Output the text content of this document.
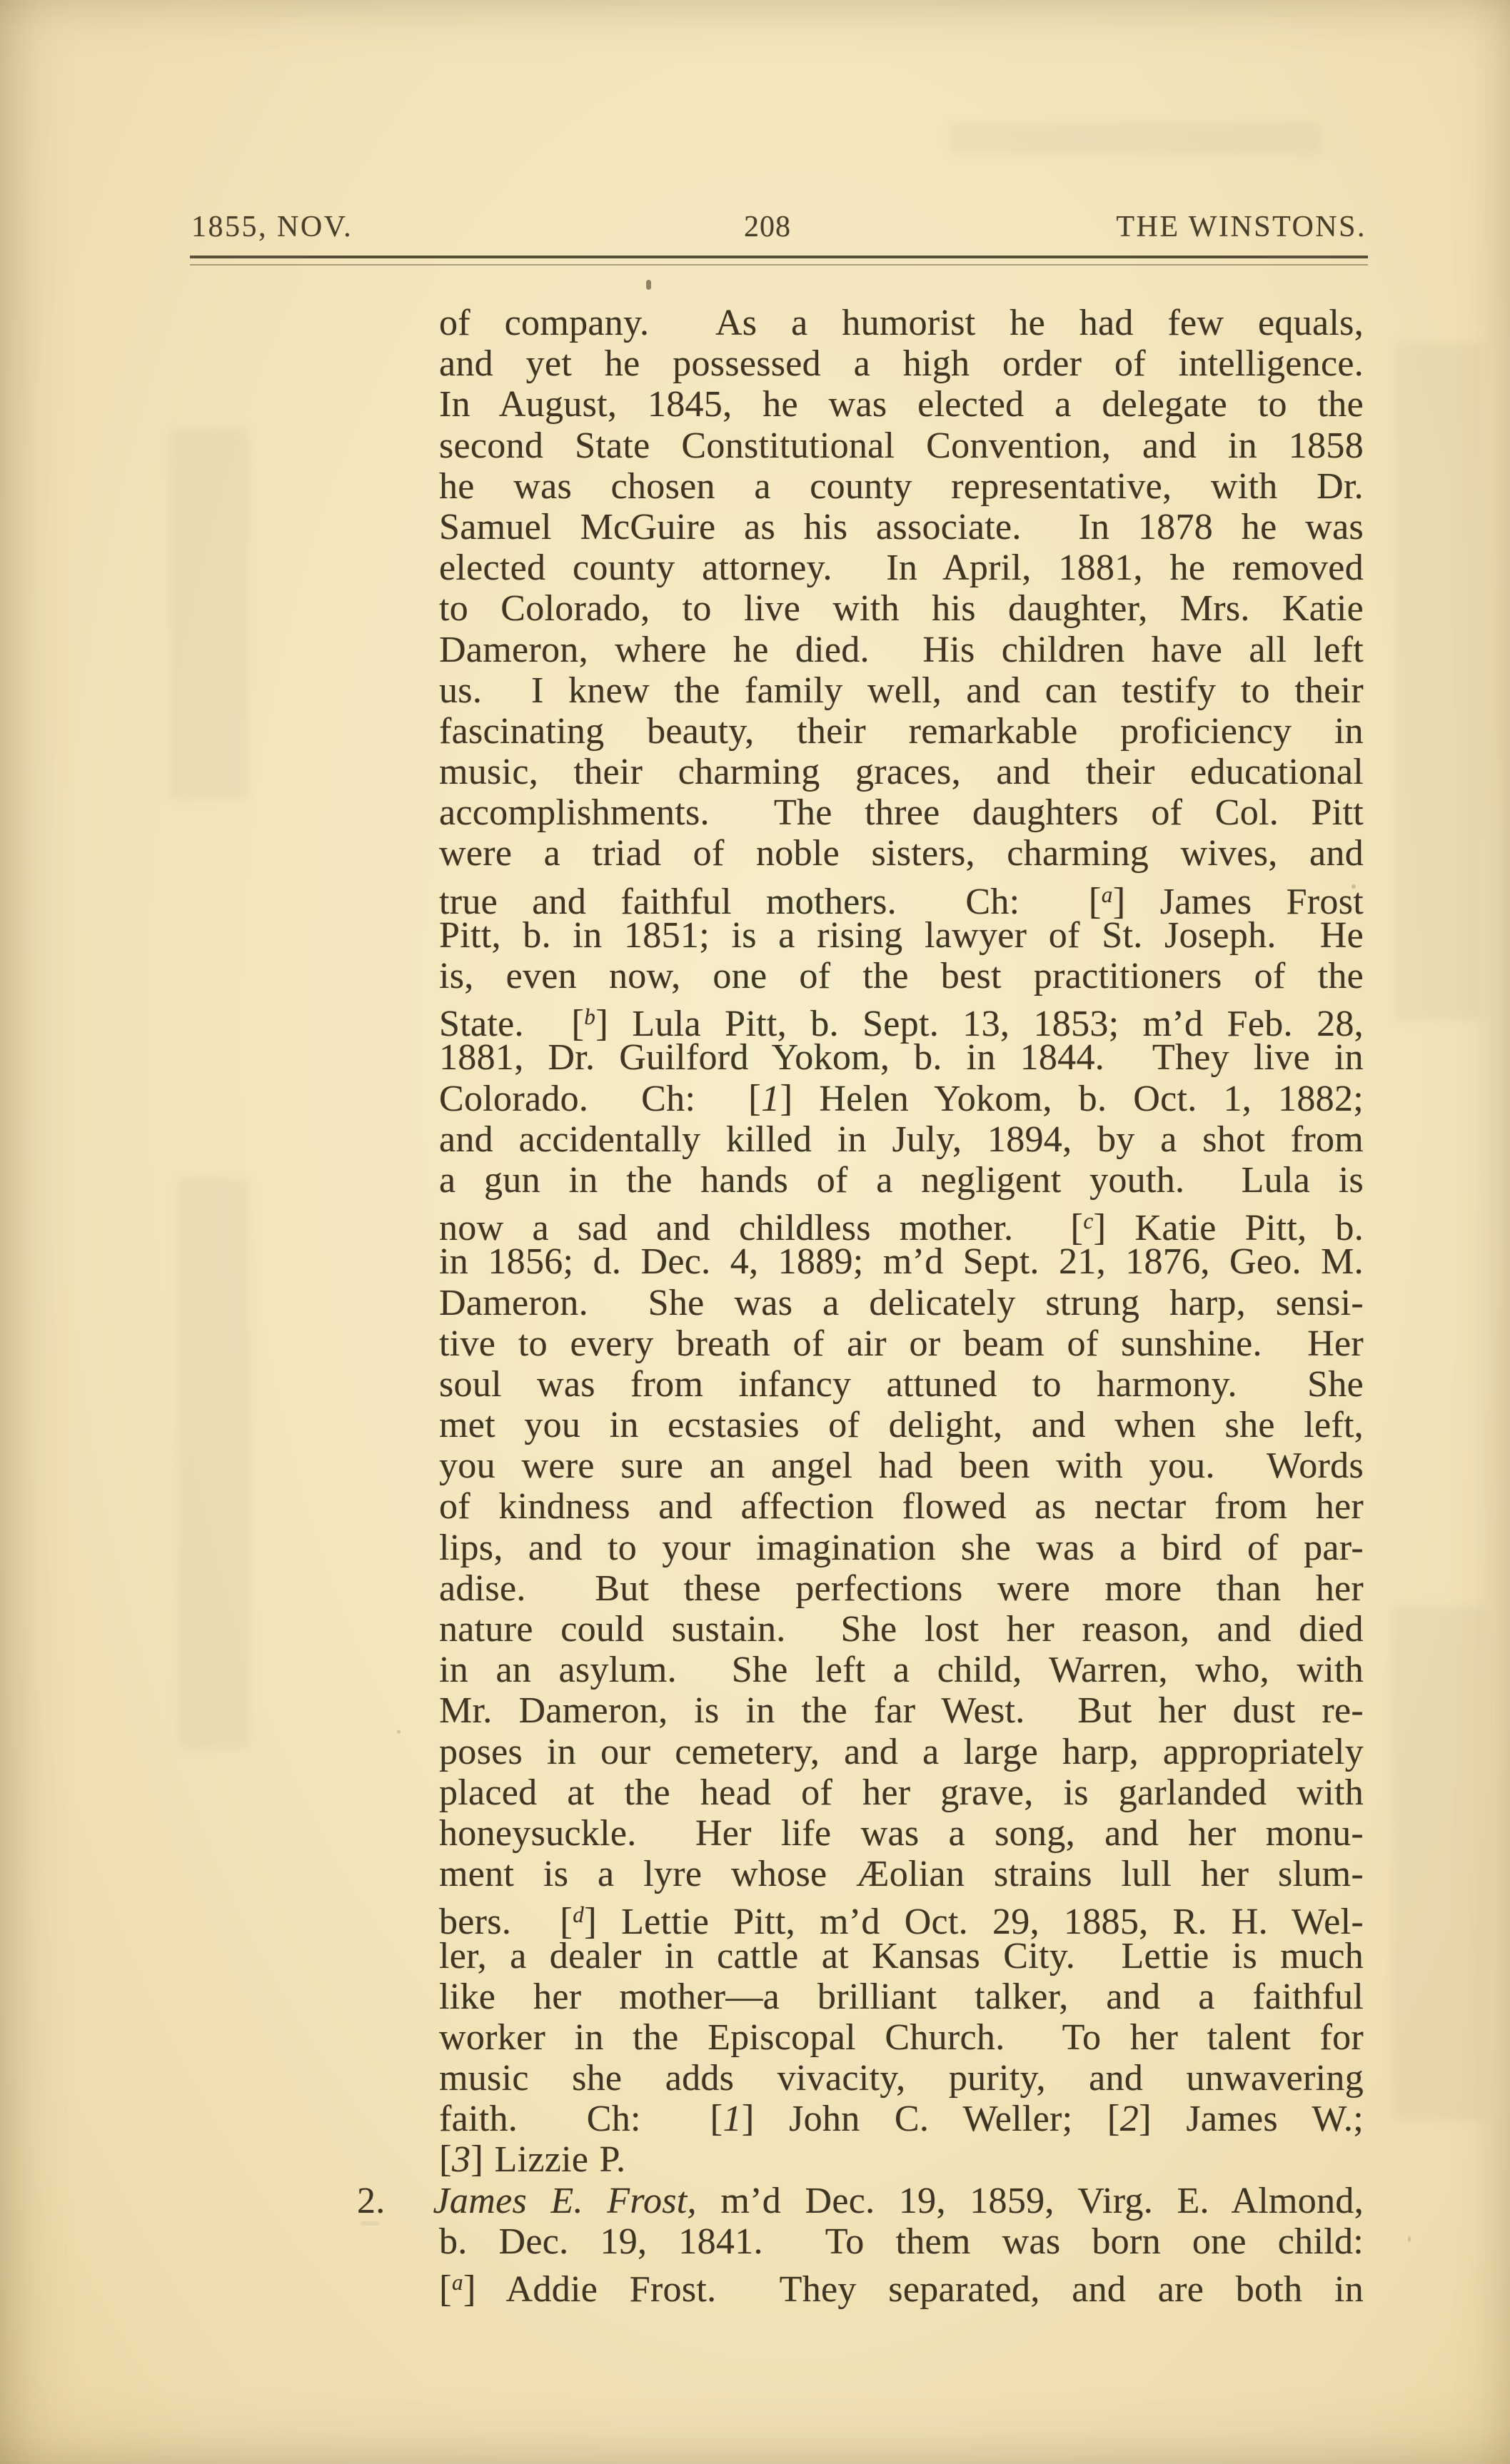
1855, NOV.	208	THE WINSTONS.
of company.  As a humorist he had few equals,
and yet he possessed a high order of intelligence.
In August, 1845, he was elected a delegate to the
second State Constitutional Convention, and in 1858
he was chosen a county representative, with Dr.
Samuel McGuire as his associate.  In 1878 he was
elected county attorney.  In April, 1881, he removed
to Colorado, to live with his daughter, Mrs. Katie
Dameron, where he died.  His children have all left
us.  I knew the family well, and can testify to their
fascinating beauty, their remarkable proficiency in
music, their charming graces, and their educational
accomplishments.  The three daughters of Col. Pitt
were a triad of noble sisters, charming wives, and
true and faithful mothers.  Ch:  [$^a$] James Frost
Pitt, b. in 1851; is a rising lawyer of St. Joseph.  He
is, even now, one of the best practitioners of the
State.  [$^b$] Lula Pitt, b. Sept. 13, 1853; m’d Feb. 28,
1881, Dr. Guilford Yokom, b. in 1844.  They live in
Colorado.  Ch:  [1] Helen Yokom, b. Oct. 1, 1882;
and accidentally killed in July, 1894, by a shot from
a gun in the hands of a negligent youth.  Lula is
now a sad and childless mother.  [$^c$] Katie Pitt, b.
in 1856; d. Dec. 4, 1889; m’d Sept. 21, 1876, Geo. M.
Dameron.  She was a delicately strung harp, sensi-
tive to every breath of air or beam of sunshine.  Her
soul was from infancy attuned to harmony.  She
met you in ecstasies of delight, and when she left,
you were sure an angel had been with you.  Words
of kindness and affection flowed as nectar from her
lips, and to your imagination she was a bird of par-
adise.  But these perfections were more than her
nature could sustain.  She lost her reason, and died
in an asylum.  She left a child, Warren, who, with
Mr. Dameron, is in the far West.  But her dust re-
poses in our cemetery, and a large harp, appropriately
placed at the head of her grave, is garlanded with
honeysuckle.  Her life was a song, and her monu-
ment is a lyre whose Æolian strains lull her slum-
bers.  [$^d$] Lettie Pitt, m’d Oct. 29, 1885, R. H. Wel-
ler, a dealer in cattle at Kansas City.  Lettie is much
like her mother—a brilliant talker, and a faithful
worker in the Episcopal Church.  To her talent for
music she adds vivacity, purity, and unwavering
faith.  Ch:  [1] John C. Weller; [2] James W.;
[3] Lizzie P.
2.  James E. Frost, m’d Dec. 19, 1859, Virg. E. Almond,
b. Dec. 19, 1841.  To them was born one child:
[$^a$] Addie Frost.  They separated, and are both in
